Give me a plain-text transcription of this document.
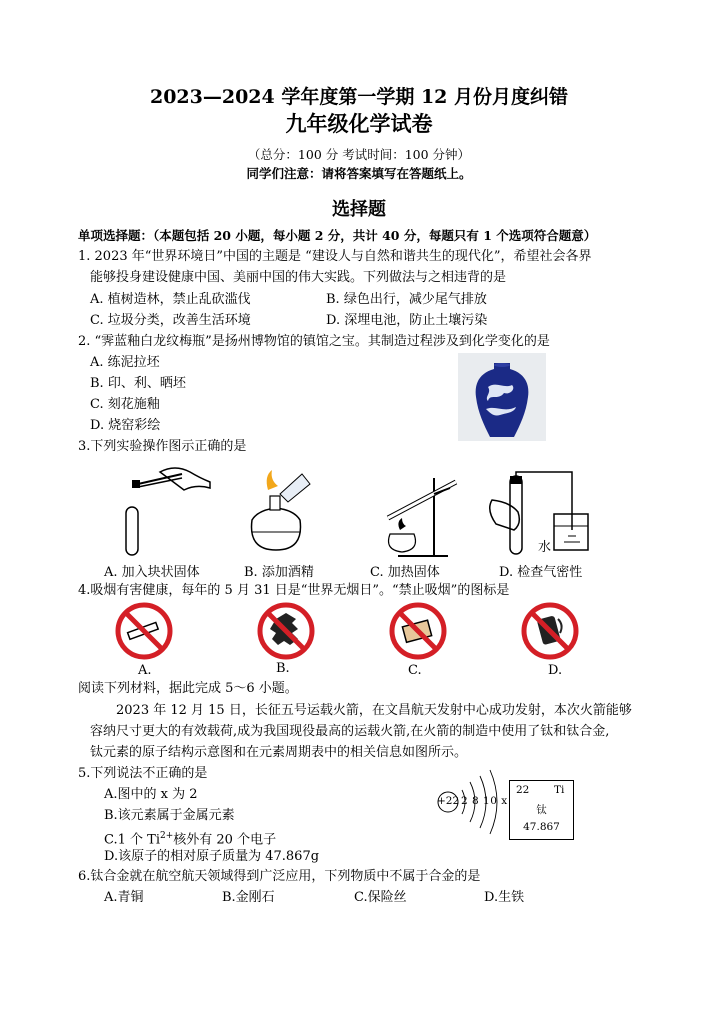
2023—2024 学年度第一学期 12 月份月度纠错
九年级化学试卷
（总分：100 分 考试时间：100 分钟）
同学们注意：请将答案填写在答题纸上。
选择题
单项选择题：（本题包括 20 小题，每小题 2 分，共计 40 分，每题只有 1 个选项符合题意）
1. 2023 年“世界环境日”中国的主题是 “建设人与自然和谐共生的现代化”，希望社会各界
能够投身建设健康中国、美丽中国的伟大实践。下列做法与之相违背的是
A. 植树造林，禁止乱砍滥伐	B. 绿色出行，减少尾气排放
C. 垃圾分类，改善生活环境	D. 深埋电池，防止土壤污染
2. “霁蓝釉白龙纹梅瓶”是扬州博物馆的镇馆之宝。其制造过程涉及到化学变化的是
A. 练泥拉坯
B. 印、利、晒坯
C. 刻花施釉
D. 烧窑彩绘
3.下列实验操作图示正确的是
水
A. 加入块状固体	B. 添加酒精	C. 加热固体	D. 检查气密性
4.吸烟有害健康，每年的 5 月 31 日是“世界无烟日”。“禁止吸烟”的图标是
A.	B.	C.	D.
阅读下列材料，据此完成 5～6 小题。
2023 年 12 月 15 日，长征五号运载火箭，在文昌航天发射中心成功发射，本次火箭能够
容纳尺寸更大的有效载荷,成为我国现役最高的运载火箭,在火箭的制造中使用了钛和钛合金,
钛元素的原子结构示意图和在元素周期表中的相关信息如图所示。
5.下列说法不正确的是
A.图中的 x 为 2
B.该元素属于金属元素
C.1 个 $Ti^{2+}$核外有 20 个电子
D.该原子的相对原子质量为 47.867g
+22 2 8 10 x
22 Ti
钛
47.867
6.钛合金就在航空航天领域得到广泛应用，下列物质中不属于合金的是
A.青铜	B.金刚石	C.保险丝	D.生铁
